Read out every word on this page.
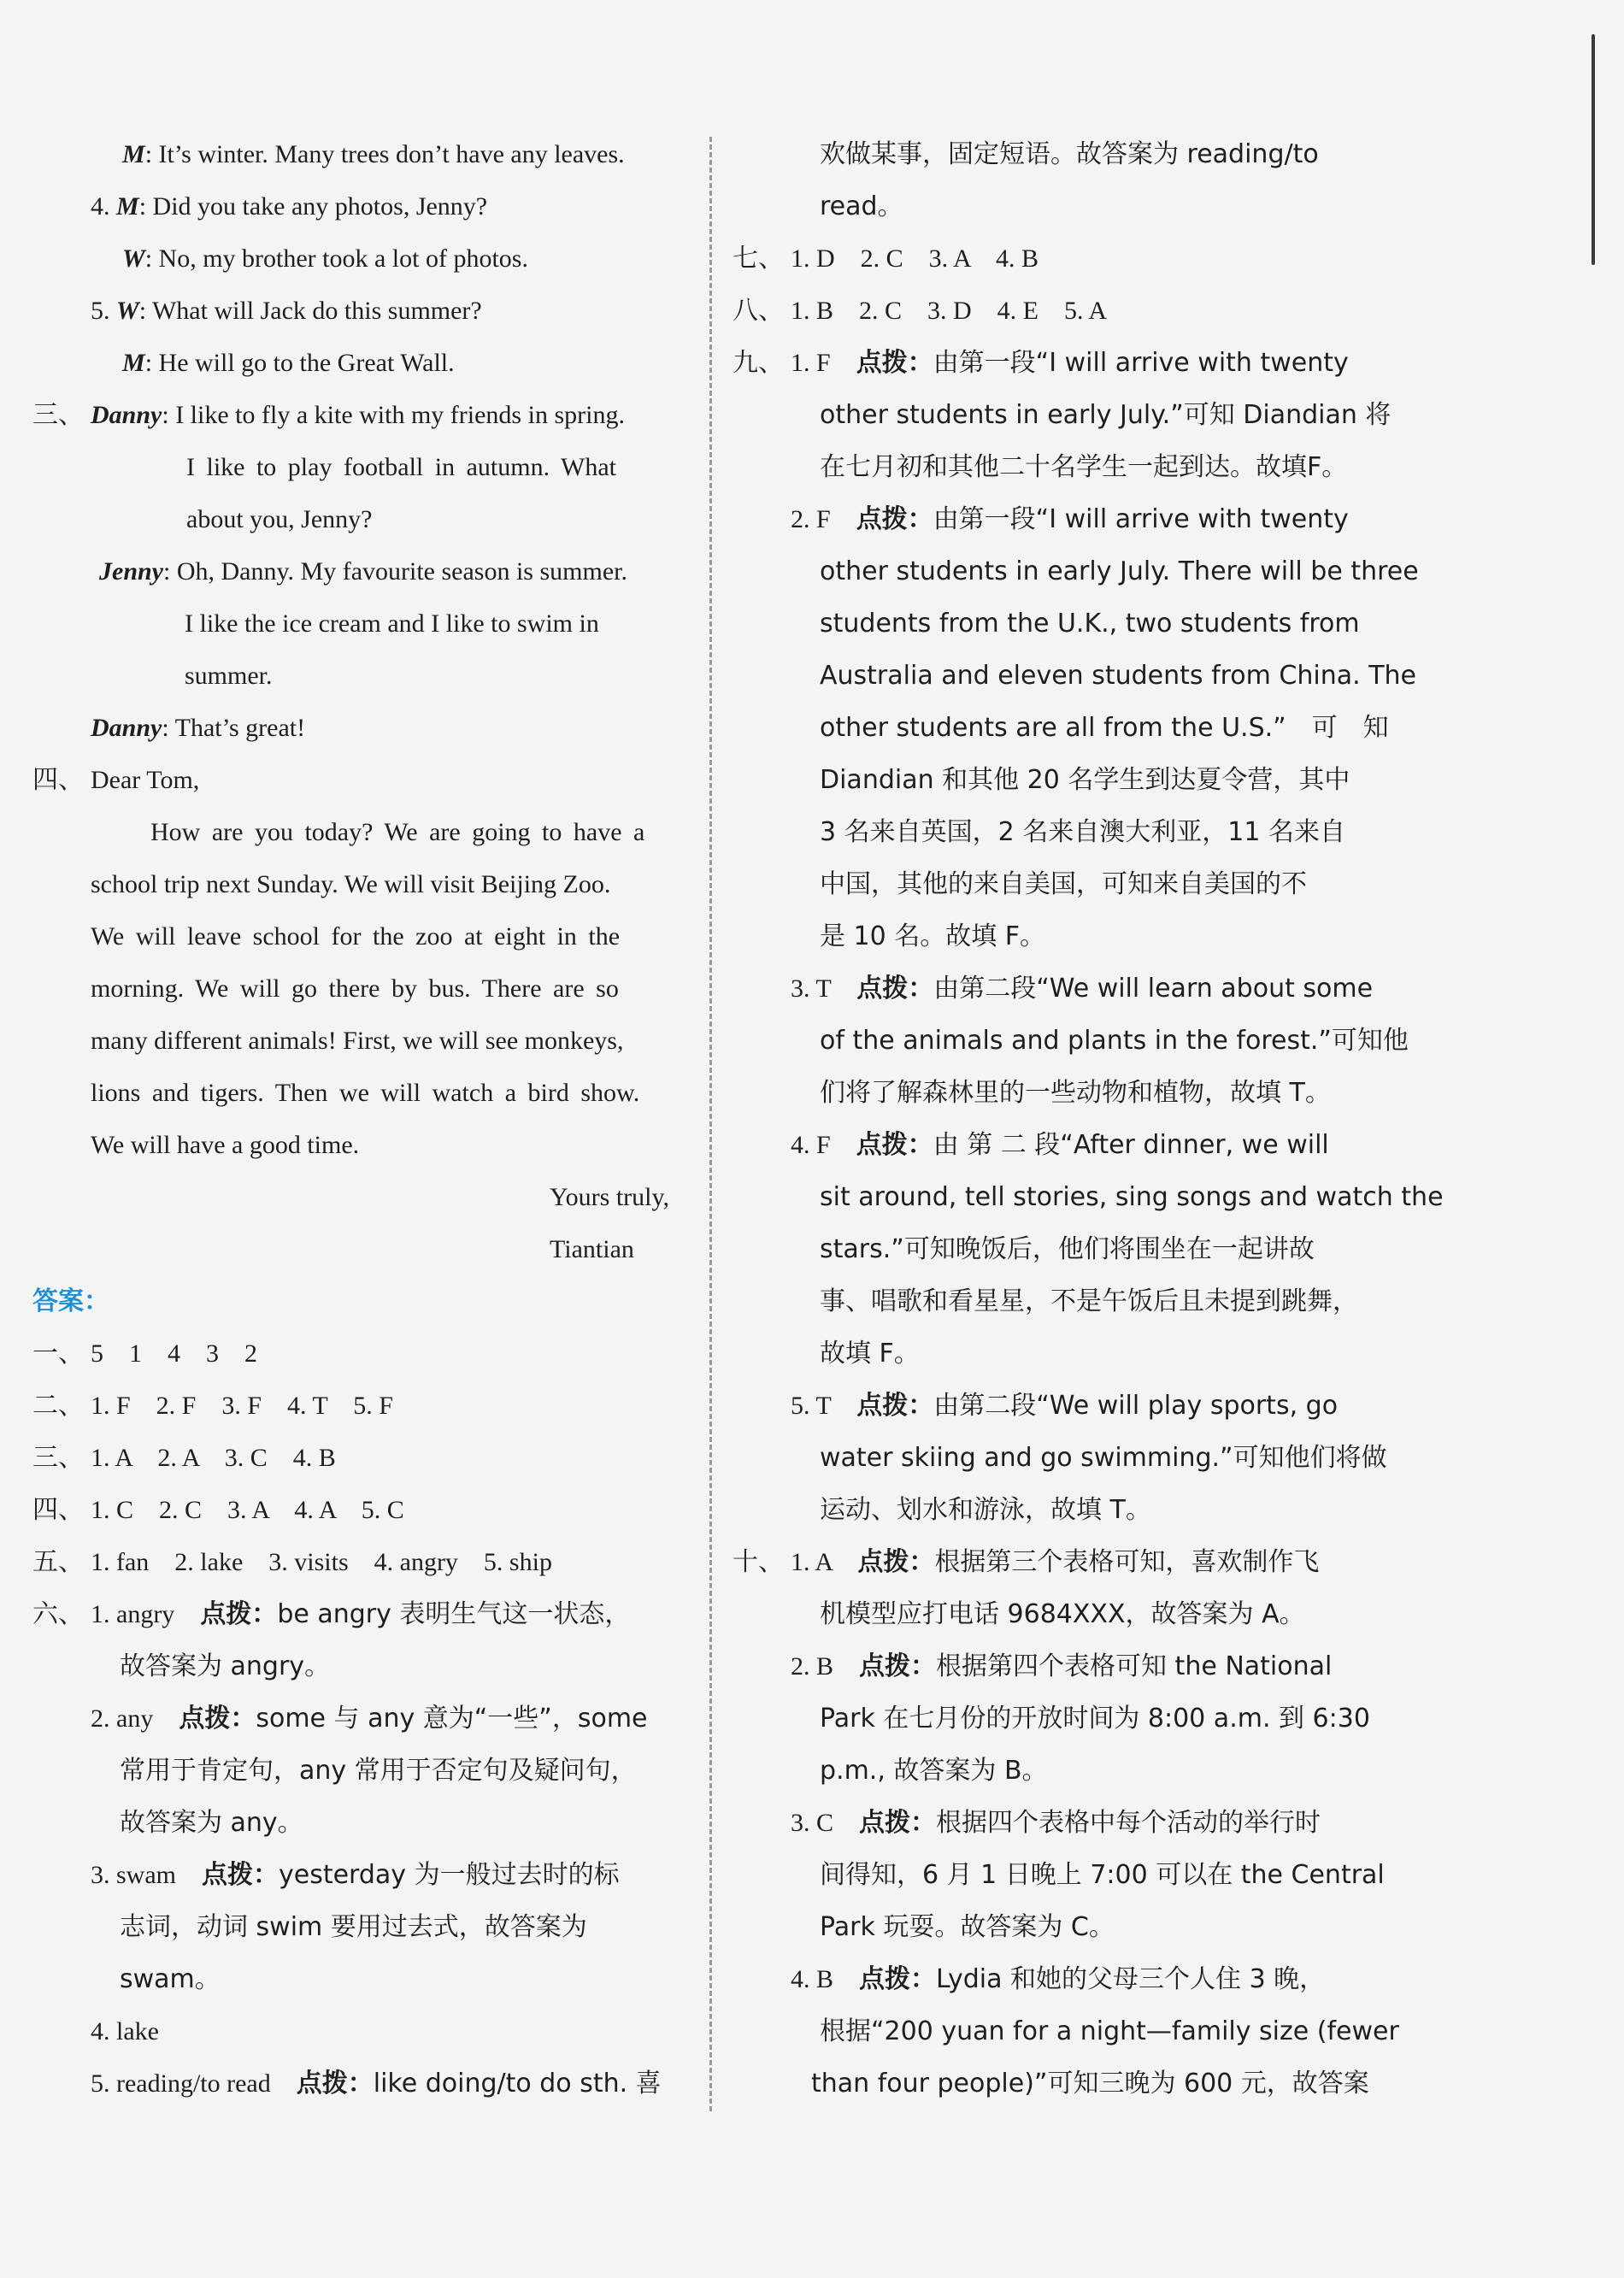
M: It’s winter. Many trees don’t have any leaves.
4. M: Did you take any photos, Jenny?
W: No, my brother took a lot of photos.
5. W: What will Jack do this summer?
M: He will go to the Great Wall.
三、 Danny: I like to fly a kite with my friends in spring.
I like to play football in autumn. What
about you, Jenny?
Jenny: Oh, Danny. My favourite season is summer.
I like the ice cream and I like to swim in
summer.
Danny: That’s great!
四、 Dear Tom,
How are you today? We are going to have a
school trip next Sunday. We will visit Beijing Zoo.
We will leave school for the zoo at eight in the
morning. We will go there by bus. There are so
many different animals! First, we will see monkeys,
lions and tigers. Then we will watch a bird show.
We will have a good time.
Yours truly,
Tiantian
答案：
一、 5　1　4　3　2
二、 1. F　2. F　3. F　4. T　5. F
三、 1. A　2. A　3. C　4. B
四、 1. C　2. C　3. A　4. A　5. C
五、 1. fan　2. lake　3. visits　4. angry　5. ship
六、 1. angry　 点拨：be angry 表明生气这一状态，
故答案为 angry。
2. any　 点拨：some 与 any 意为“一些”，some
常用于肯定句，any 常用于否定句及疑问句，
故答案为 any。
3. swam　 点拨：yesterday 为一般过去时的标
志词，动词 swim 要用过去式，故答案为
swam。
4. lake
5. reading/to read　 点拨：like doing/to do sth. 喜
欢做某事，固定短语。故答案为 reading/to
read。
七、 1. D　2. C　3. A　4. B
八、 1. B　2. C　3. D　4. E　5. A
九、 1. F　 点拨：由第一段“I will arrive with twenty
other students in early July.”可知 Diandian 将
在七月初和其他二十名学生一起到达。故填F。
2. F　 点拨：由第一段“I will arrive with twenty
other students in early July. There will be three
students from the U.K., two students from
Australia and eleven students from China. The
other students are all from the U.S.”　可　知
Diandian 和其他 20 名学生到达夏令营，其中
3 名来自英国，2 名来自澳大利亚，11 名来自
中国，其他的来自美国，可知来自美国的不
是 10 名。故填 F。
3. T　 点拨：由第二段“We will learn about some
of the animals and plants in the forest.”可知他
们将了解森林里的一些动物和植物，故填 T。
4. F　 点拨：由 第 二 段“After dinner, we will
sit around, tell stories, sing songs and watch the
stars.”可知晚饭后，他们将围坐在一起讲故
事、唱歌和看星星，不是午饭后且未提到跳舞，
故填 F。
5. T　 点拨：由第二段“We will play sports, go
water skiing and go swimming.”可知他们将做
运动、划水和游泳，故填 T。
十、 1. A　 点拨：根据第三个表格可知，喜欢制作飞
机模型应打电话 9684XXX，故答案为 A。
2. B　 点拨：根据第四个表格可知 the National
Park 在七月份的开放时间为 8:00 a.m. 到 6:30
p.m., 故答案为 B。
3. C　 点拨：根据四个表格中每个活动的举行时
间得知，6 月 1 日晚上 7:00 可以在 the Central
Park 玩耍。故答案为 C。
4. B　 点拨：Lydia 和她的父母三个人住 3 晚，
根据“200 yuan for a night—family size (fewer
than four people)”可知三晚为 600 元，故答案
